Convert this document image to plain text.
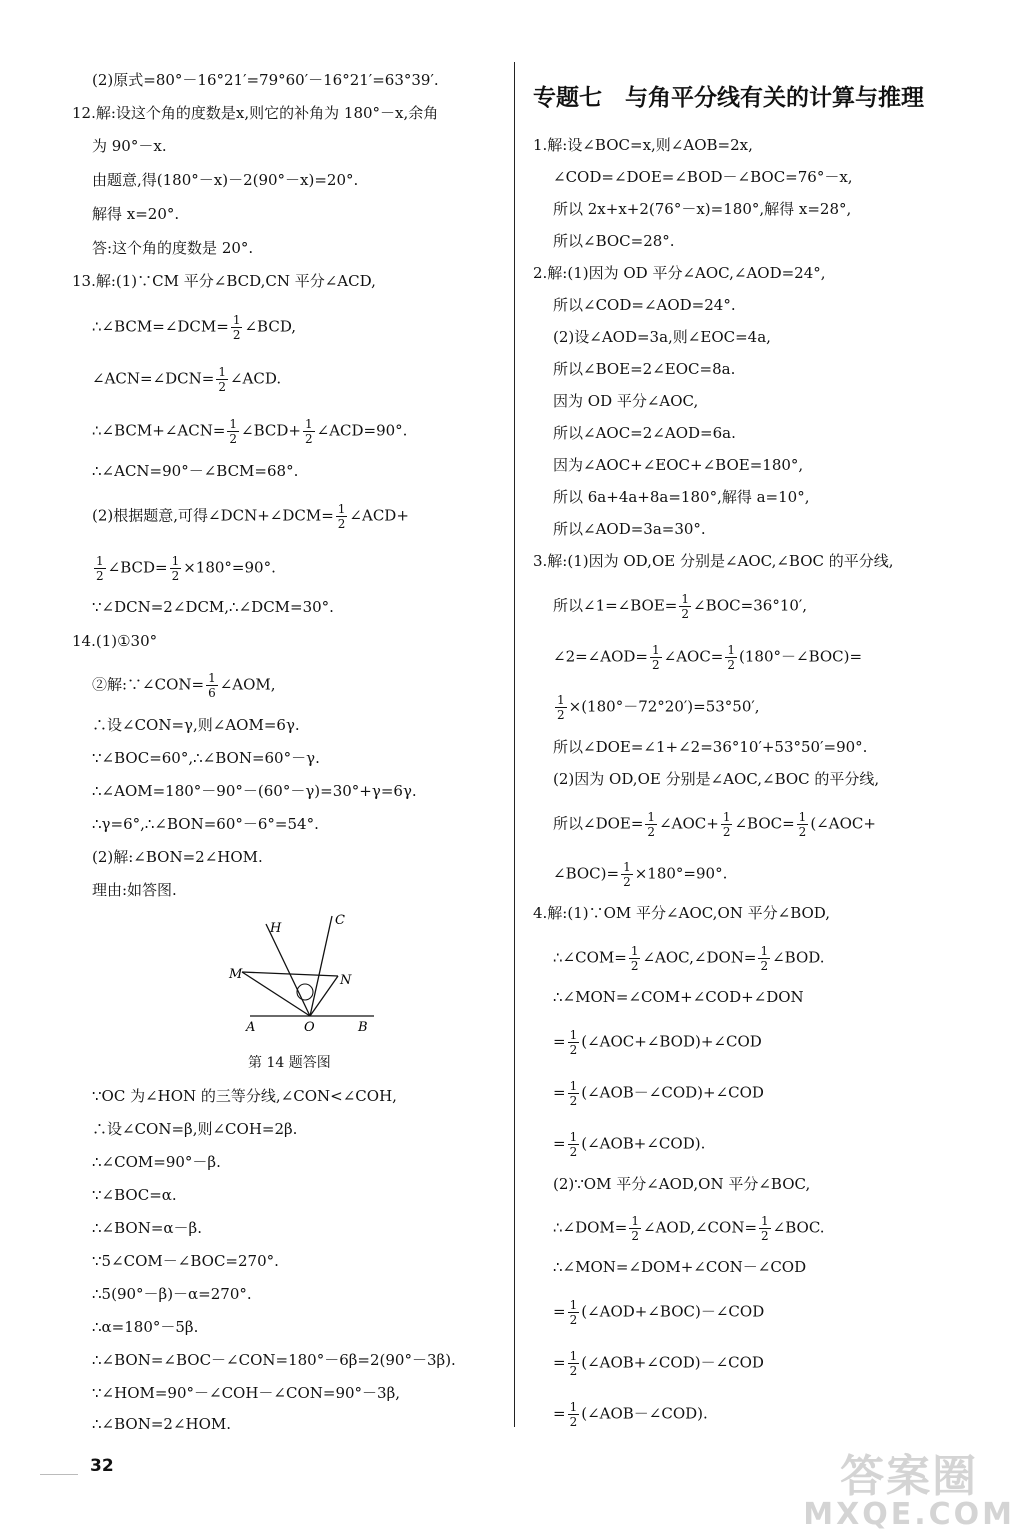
(2)原式=80°－16°21′=79°60′－16°21′=63°39′.
12.解:设这个角的度数是x,则它的补角为 180°－x,余角
为 90°－x.
由题意,得(180°－x)－2(90°－x)=20°.
解得 x=20°.
答:这个角的度数是 20°.
13.解:(1)∵CM 平分∠BCD,CN 平分∠ACD,
∴∠BCM=∠DCM= $\frac{1}{2}$ ∠BCD,
∠ACN=∠DCN= $\frac{1}{2}$ ∠ACD.
∴∠BCM+∠ACN= $\frac{1}{2}$ ∠BCD+ $\frac{1}{2}$ ∠ACD=90°.
∴∠ACN=90°－∠BCM=68°.
(2)根据题意,可得∠DCN+∠DCM= $\frac{1}{2}$ ∠ACD+
$\frac{1}{2}$ ∠BCD= $\frac{1}{2} \times 180^\circ=90^\circ$.
∵∠DCN=2∠DCM,∴∠DCM=30°.
14.(1)①30°
②解:∵∠CON= $\frac{1}{6}$ ∠AOM,
∴设∠CON=γ,则∠AOM=6γ.
∵∠BOC=60°,∴∠BON=60°－γ.
∴∠AOM=180°－90°－(60°－γ)=30°+γ=6γ.
∴γ=6°,∴∠BON=60°－6°=54°.
(2)解:∠BON=2∠HOM.
理由:如答图.
H
C
M	N
A	O	B
第 14 题答图
∵OC 为∠HON 的三等分线,∠CON<∠COH,
∴设∠CON=β,则∠COH=2β.
∴∠COM=90°－β.
∵∠BOC=α.
∴∠BON=α－β.
∵5∠COM－∠BOC=270°.
∴5(90°－β)－α=270°.
∴α=180°－5β.
∴∠BON=∠BOC－∠CON=180°－6β=2(90°－3β).
∵∠HOM=90°－∠COH－∠CON=90°－3β,
∴∠BON=2∠HOM.
专题七　与角平分线有关的计算与推理
1.解:设∠BOC=x,则∠AOB=2x,
∠COD=∠DOE=∠BOD－∠BOC=76°－x,
所以 2x+x+2(76°－x)=180°,解得 x=28°,
所以∠BOC=28°.
2.解:(1)因为 OD 平分∠AOC,∠AOD=24°,
所以∠COD=∠AOD=24°.
(2)设∠AOD=3a,则∠EOC=4a,
所以∠BOE=2∠EOC=8a.
因为 OD 平分∠AOC,
所以∠AOC=2∠AOD=6a.
因为∠AOC+∠EOC+∠BOE=180°,
所以 6a+4a+8a=180°,解得 a=10°,
所以∠AOD=3a=30°.
3.解:(1)因为 OD,OE 分别是∠AOC,∠BOC 的平分线,
所以∠1=∠BOE= $\frac{1}{2}$ ∠BOC=36°10′,
∠2=∠AOD= $\frac{1}{2}$ ∠AOC= $\frac{1}{2}$ (180°－∠BOC)=
$\frac{1}{2} \times(180^\circ-72^\circ 20')=53^\circ 50'$,
所以∠DOE=∠1+∠2=36°10′+53°50′=90°.
(2)因为 OD,OE 分别是∠AOC,∠BOC 的平分线,
所以∠DOE= $\frac{1}{2}$ ∠AOC+ $\frac{1}{2}$ ∠BOC= $\frac{1}{2}$ (∠AOC+
∠BOC)= $\frac{1}{2} \times 180^\circ=90^\circ$.
4.解:(1)∵OM 平分∠AOC,ON 平分∠BOD,
∴∠COM= $\frac{1}{2}$ ∠AOC,∠DON= $\frac{1}{2}$ ∠BOD.
∴∠MON=∠COM+∠COD+∠DON
= $\frac{1}{2}$ (∠AOC+∠BOD)+∠COD
= $\frac{1}{2}$ (∠AOB－∠COD)+∠COD
= $\frac{1}{2}$ (∠AOB+∠COD).
(2)∵OM 平分∠AOD,ON 平分∠BOC,
∴∠DOM= $\frac{1}{2}$ ∠AOD,∠CON= $\frac{1}{2}$ ∠BOC.
∴∠MON=∠DOM+∠CON－∠COD
= $\frac{1}{2}$ (∠AOD+∠BOC)－∠COD
= $\frac{1}{2}$ (∠AOB+∠COD)－∠COD
= $\frac{1}{2}$ (∠AOB－∠COD).
32	答案圈
MXQE.COM
